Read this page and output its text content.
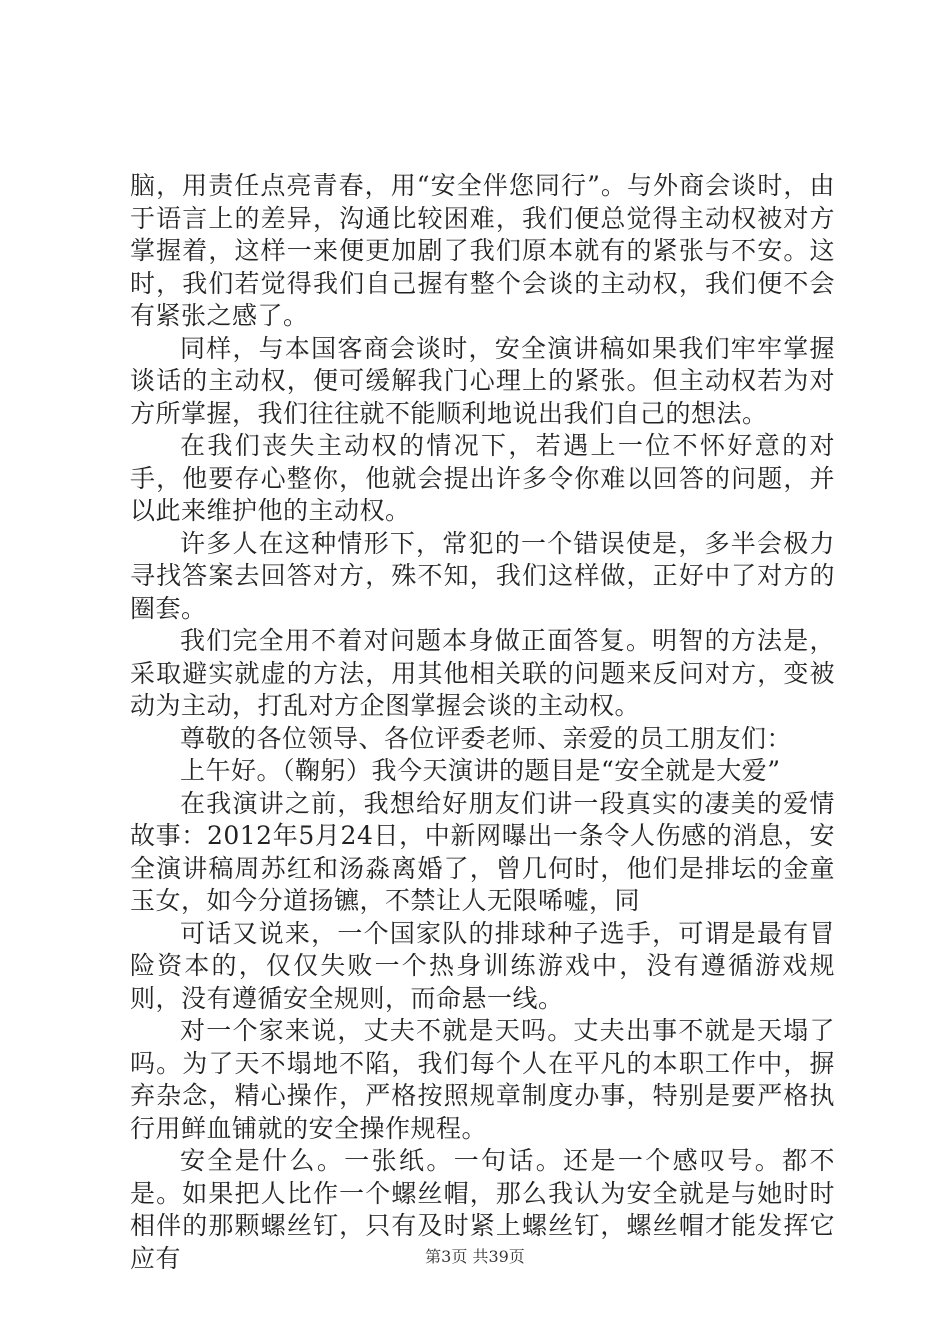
脑，用责任点亮青春，用“安全伴您同行”。与外商会谈时，由于语言上的差异，沟通比较困难，我们便总觉得主动权被对方掌握着，这样一来便更加剧了我们原本就有的紧张与不安。这时，我们若觉得我们自己握有整个会谈的主动权，我们便不会有紧张之感了。

同样，与本国客商会谈时，安全演讲稿如果我们牢牢掌握谈话的主动权，便可缓解我门心理上的紧张。但主动权若为对方所掌握，我们往往就不能顺利地说出我们自己的想法。

在我们丧失主动权的情况下，若遇上一位不怀好意的对手，他要存心整你，他就会提出许多令你难以回答的问题，并以此来维护他的主动权。

许多人在这种情形下，常犯的一个错误使是，多半会极力寻找答案去回答对方，殊不知，我们这样做，正好中了对方的圈套。

我们完全用不着对问题本身做正面答复。明智的方法是，采取避实就虚的方法，用其他相关联的问题来反问对方，变被动为主动，打乱对方企图掌握会谈的主动权。

尊敬的各位领导、各位评委老师、亲爱的员工朋友们：

上午好。（鞠躬）我今天演讲的题目是“安全就是大爱”

在我演讲之前，我想给好朋友们讲一段真实的凄美的爱情故事：2012年5月24日，中新网曝出一条令人伤感的消息，安全演讲稿周苏红和汤淼离婚了，曾几何时，他们是排坛的金童玉女，如今分道扬镳，不禁让人无限唏嘘，同

可话又说来，一个国家队的排球种子选手，可谓是最有冒险资本的，仅仅失败一个热身训练游戏中，没有遵循游戏规则，没有遵循安全规则，而命悬一线。

对一个家来说，丈夫不就是天吗。丈夫出事不就是天塌了吗。为了天不塌地不陷，我们每个人在平凡的本职工作中，摒弃杂念，精心操作，严格按照规章制度办事，特别是要严格执行用鲜血铺就的安全操作规程。

安全是什么。一张纸。一句话。还是一个感叹号。都不是。如果把人比作一个螺丝帽，那么我认为安全就是与她时时相伴的那颗螺丝钉，只有及时紧上螺丝钉，螺丝帽才能发挥它应有	第3页 共39页
